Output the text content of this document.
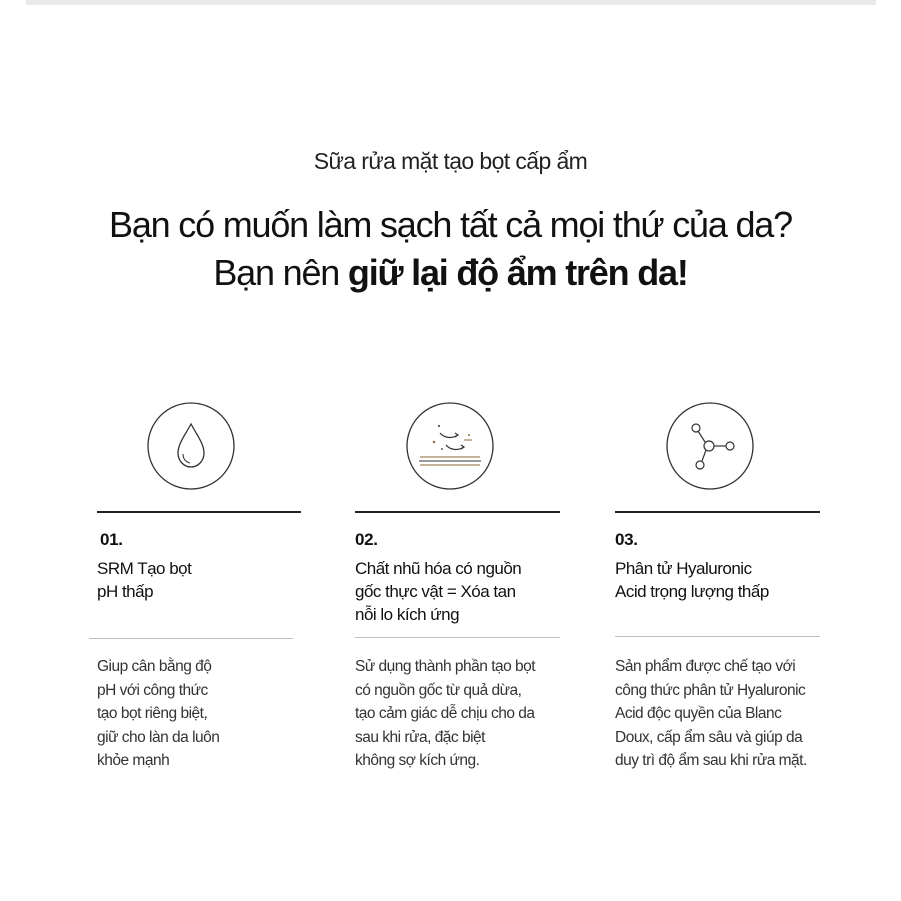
Sữa rửa mặt tạo bọt cấp ẩm
Bạn có muốn làm sạch tất cả mọi thứ của da?
Bạn nên giữ lại độ ẩm trên da!
01.
SRM Tạo bọt
pH thấp
Giup cân bằng độ
pH với công thức
tạo bọt riêng biệt,
giữ cho làn da luôn
khỏe mạnh
02.
Chất nhũ hóa có nguồn
gốc thực vật = Xóa tan
nỗi lo kích ứng
Sử dụng thành phần tạo bọt
có nguồn gốc từ quả dừa,
tạo cảm giác dễ chịu cho da
sau khi rửa, đặc biệt
không sợ kích ứng.
03.
Phân tử Hyaluronic
Acid trọng lượng thấp
Sản phẩm được chế tạo với
công thức phân tử Hyaluronic
Acid độc quyền của Blanc
Doux, cấp ẩm sâu và giúp da
duy trì độ ẩm sau khi rửa mặt.
